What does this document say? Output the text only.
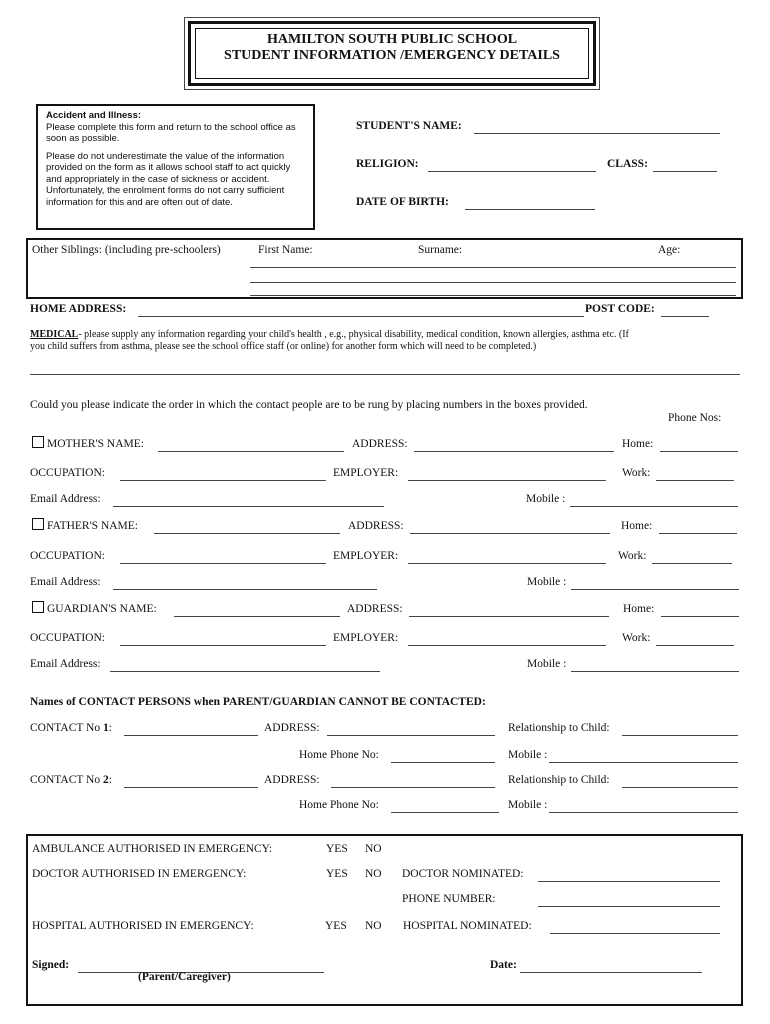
HAMILTON SOUTH PUBLIC SCHOOL
STUDENT INFORMATION /EMERGENCY DETAILS

Accident and Illness:

Please complete this form and return to the school office as soon as possible.

Please do not underestimate the value of the information provided on the form as it allows school staff to act quickly and appropriately in the case of sickness or accident. Unfortunately, the enrolment forms do not carry sufficient information for this and are often out of date.

STUDENT'S NAME:
RELIGION:	CLASS:
DATE OF BIRTH:
Other Siblings: (including pre-schoolers)	First Name:	Surname:	Age:
HOME ADDRESS:	POST CODE:
MEDICAL- please supply any information regarding your child's health , e.g., physical disability, medical condition, known allergies, asthma etc. (If
you child suffers from asthma, please see the school office staff (or online) for another form which will need to be completed.)
Could you please indicate the order in which the contact people are to be rung by placing numbers in the boxes provided.
Phone Nos:
MOTHER'S NAME:	ADDRESS:	Home:
OCCUPATION:	EMPLOYER:	Work:
Email Address:	Mobile :
FATHER'S NAME:	ADDRESS:	Home:
OCCUPATION:	EMPLOYER:	Work:
Email Address:	Mobile :
GUARDIAN'S NAME:	ADDRESS:	Home:
OCCUPATION:	EMPLOYER:	Work:
Email Address:	Mobile :
Names of CONTACT PERSONS when PARENT/GUARDIAN CANNOT BE CONTACTED:
CONTACT No 1:	ADDRESS:	Relationship to Child:
Home Phone No:	Mobile :
CONTACT No 2:	ADDRESS:	Relationship to Child:
Home Phone No:	Mobile :
AMBULANCE AUTHORISED IN EMERGENCY:	YES NO
DOCTOR AUTHORISED IN EMERGENCY:	YES NO DOCTOR NOMINATED:
PHONE NUMBER:
HOSPITAL AUTHORISED IN EMERGENCY:	YES NO HOSPITAL NOMINATED:
Signed:
(Parent/Caregiver)
Date:
